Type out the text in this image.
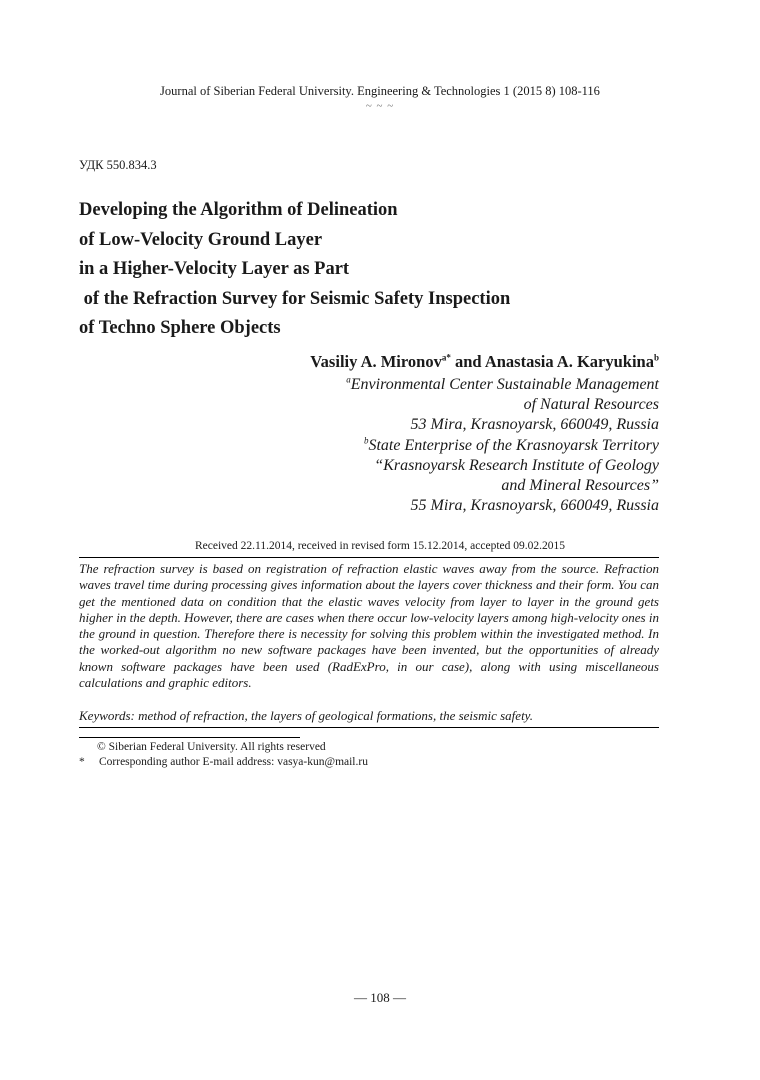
Journal of Siberian Federal University. Engineering & Technologies 1 (2015 8) 108-116
~ ~ ~
УДК 550.834.3
Developing the Algorithm of Delineation
of Low-Velocity Ground Layer
in a Higher-Velocity Layer as Part
of the Refraction Survey for Seismic Safety Inspection
of Techno Sphere Objects
Vasiliy A. Mironov$^{a*}$ and Anastasia A. Karyukina$^b$
$^a$Environmental Center Sustainable Management
of Natural Resources
53 Mira, Krasnoyarsk, 660049, Russia
$^b$State Enterprise of the Krasnoyarsk Territory
“Krasnoyarsk Research Institute of Geology
and Mineral Resources”
55 Mira, Krasnoyarsk, 660049, Russia
Received 22.11.2014, received in revised form 15.12.2014, accepted 09.02.2015
The refraction survey is based on registration of refraction elastic waves away from the source. Refraction waves travel time during processing gives information about the layers cover thickness and their form. You can get the mentioned data on condition that the elastic waves velocity from layer to layer in the ground gets higher in the depth. However, there are cases when there occur low-velocity layers among high-velocity ones in the ground in question. Therefore there is necessity for solving this problem within the investigated method. In the worked-out algorithm no new software packages have been invented, but the opportunities of already known software packages have been used (RadExPro, in our case), along with using miscellaneous calculations and graphic editors.
Keywords: method of refraction, the layers of geological formations, the seismic safety.
© Siberian Federal University. All rights reserved
* Corresponding author E-mail address: vasya-kun@mail.ru
― 108 ―
